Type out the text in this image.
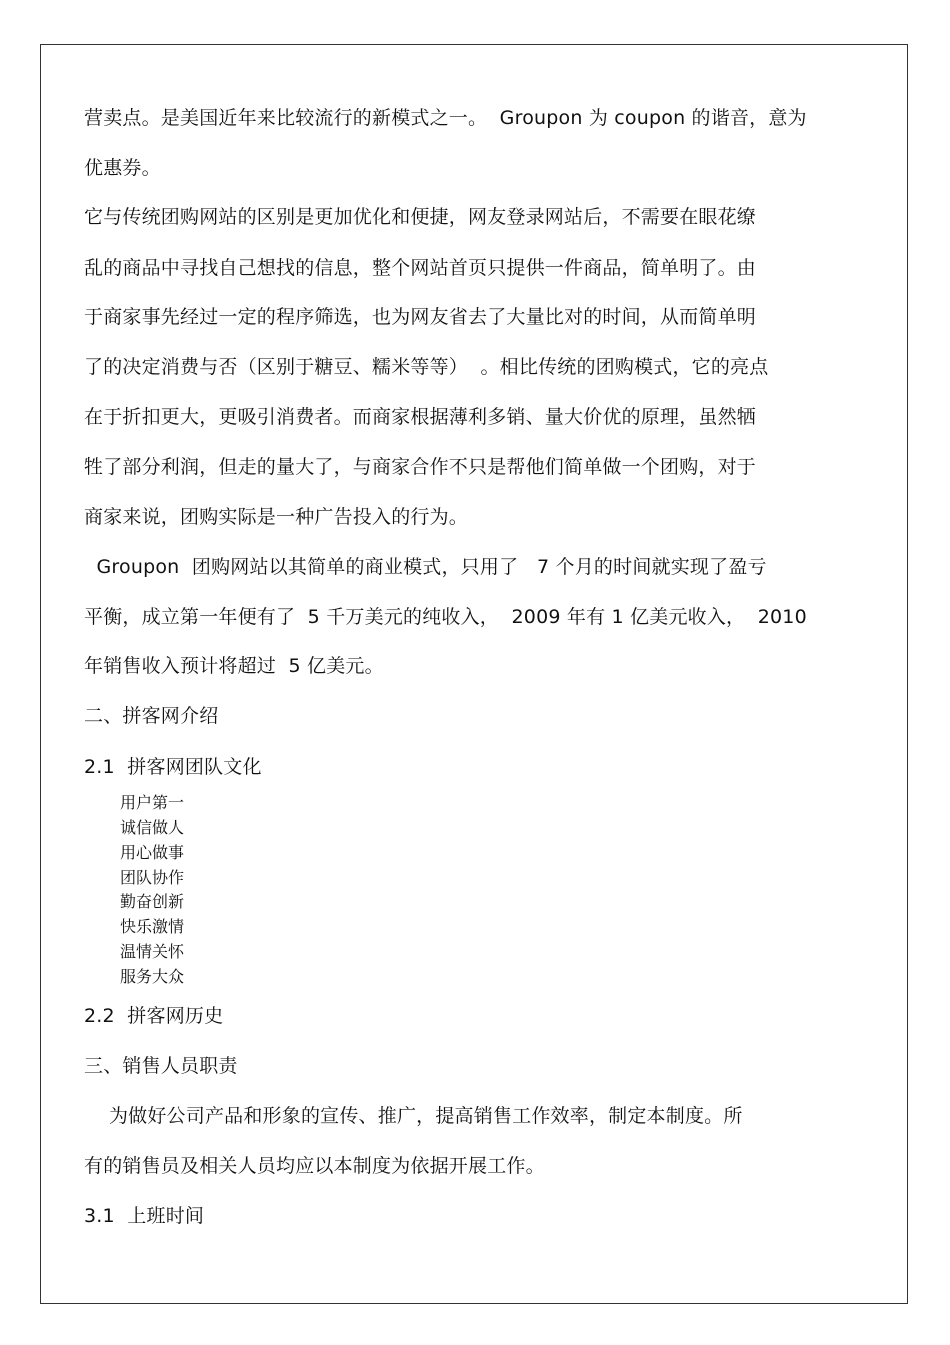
营卖点。是美国近年来比较流行的新模式之一。  Groupon 为 coupon 的谐音，意为
优惠券。
它与传统团购网站的区别是更加优化和便捷，网友登录网站后，不需要在眼花缭
乱的商品中寻找自己想找的信息，整个网站首页只提供一件商品，简单明了。由
于商家事先经过一定的程序筛选，也为网友省去了大量比对的时间，从而简单明
了的决定消费与否（区别于糖豆、糯米等等）  。相比传统的团购模式，它的亮点
在于折扣更大，更吸引消费者。而商家根据薄利多销、量大价优的原理，虽然牺
牲了部分利润，但走的量大了，与商家合作不只是帮他们简单做一个团购，对于
商家来说，团购实际是一种广告投入的行为。
Groupon  团购网站以其简单的商业模式，只用了   7 个月的时间就实现了盈亏
平衡，成立第一年便有了  5 千万美元的纯收入，  2009 年有 1 亿美元收入，  2010
年销售收入预计将超过  5 亿美元。
二、拼客网介绍
2.1  拼客网团队文化
用户第一
诚信做人
用心做事
团队协作
勤奋创新
快乐激情
温情关怀
服务大众
2.2  拼客网历史
三、销售人员职责
为做好公司产品和形象的宣传、推广，提高销售工作效率，制定本制度。所
有的销售员及相关人员均应以本制度为依据开展工作。
3.1  上班时间
